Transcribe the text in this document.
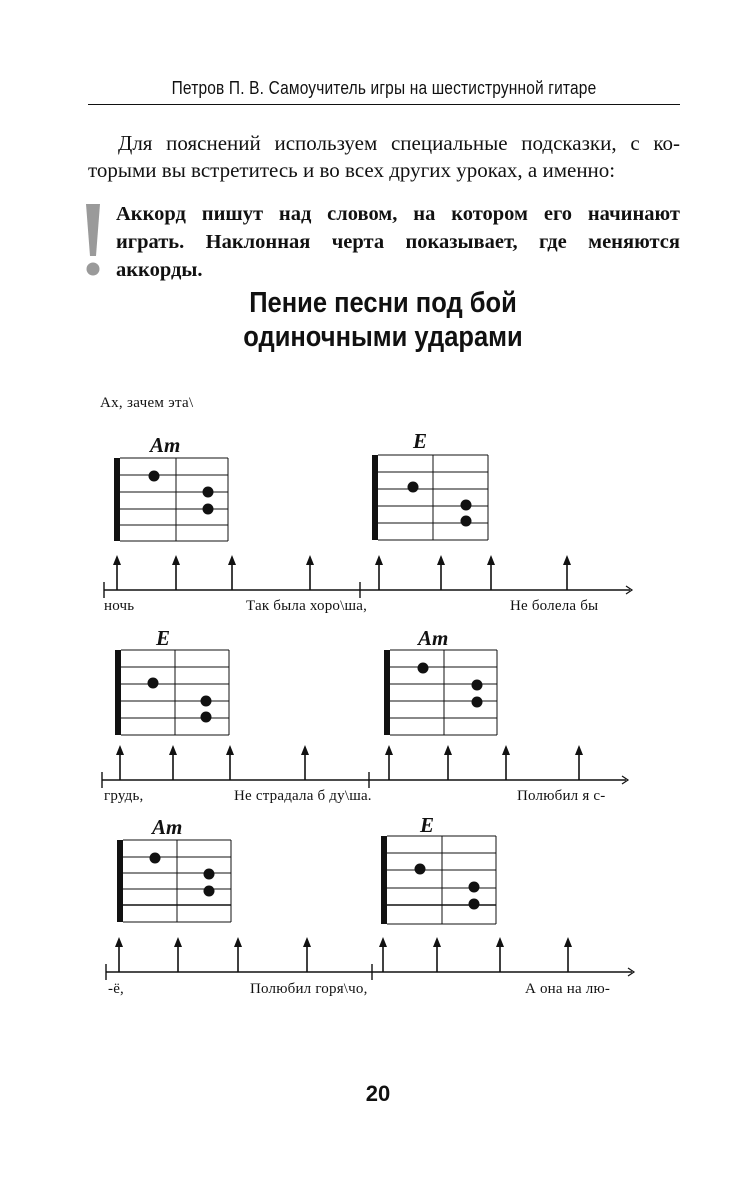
Петров П. В. Самоучитель игры на шестиструнной гитаре
Для пояснений используем специальные подсказки, с ко- торыми вы встретитесь и во всех других уроках, а именно:
Аккорд пишут над словом, на котором его начинают
играть. Наклонная черта показывает, где меняются
аккорды.
Пение песни под бой
одиночными ударами
Ах, зачем эта\
Am	E
ночь	Так была хоро\ша,	Не болела бы
E	Am
грудь,	Не страдала б ду\ша.	Полюбил я с-
Am	E
-ё,	Полюбил горя\чо,	А она на лю-
20
